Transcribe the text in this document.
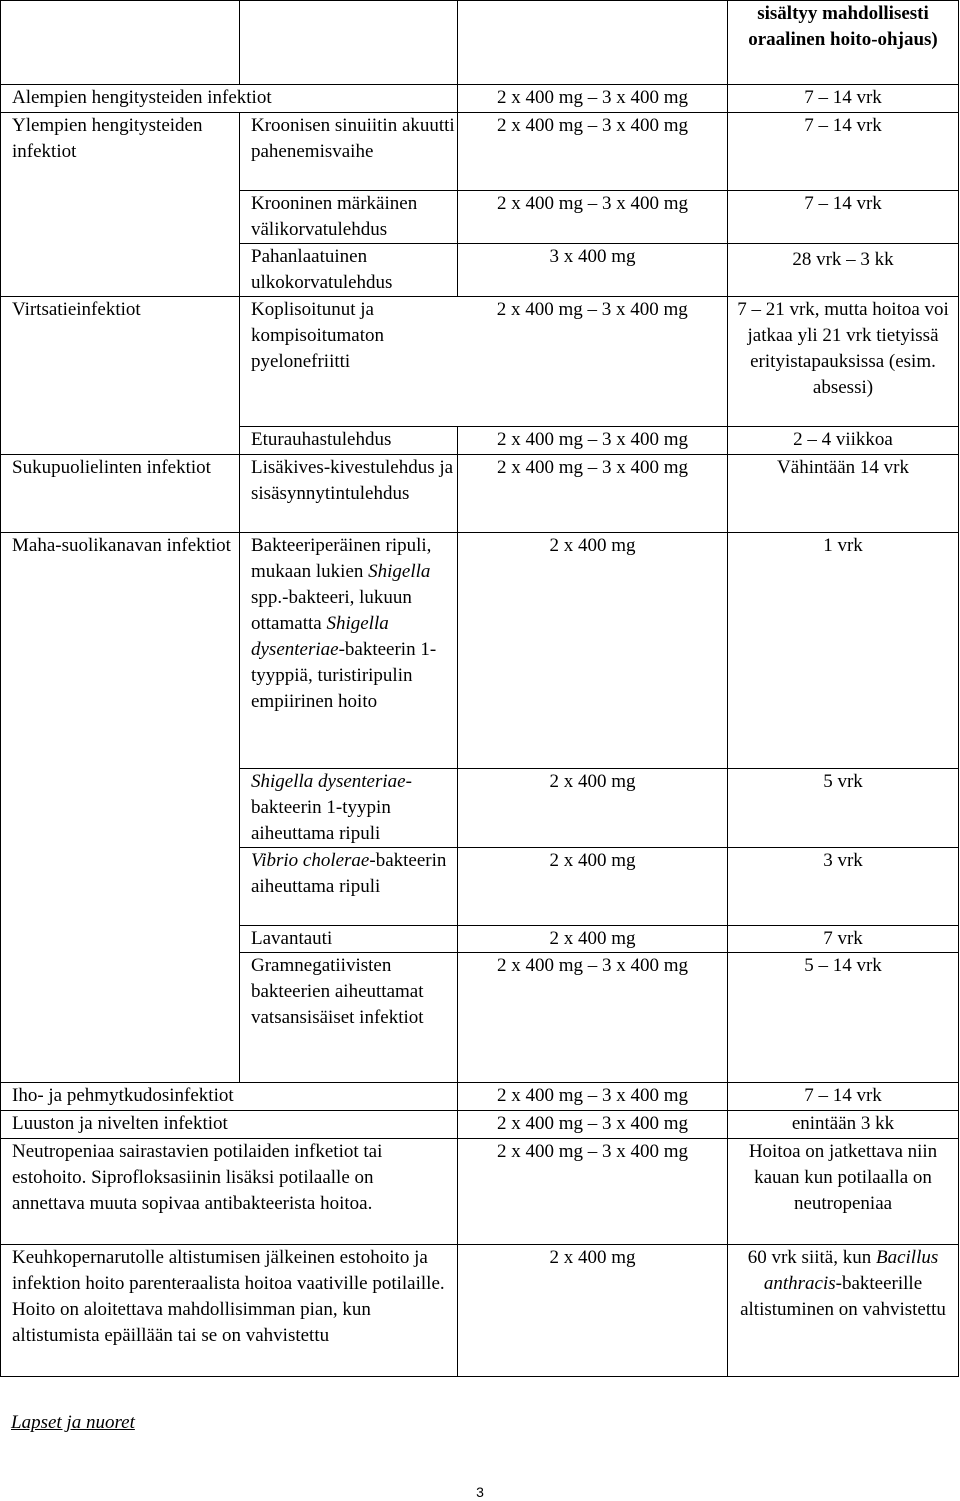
			sisältyy mahdollisesti oraalinen hoito-ohjaus)
Alempien hengitysteiden infektiot		2 x 400 mg – 3 x 400 mg	7 – 14 vrk
Ylempien hengitysteiden infektiot	Kroonisen sinuiitin akuutti pahenemisvaihe	2 x 400 mg – 3 x 400 mg	7 – 14 vrk
	Krooninen märkäinen välikorvatulehdus	2 x 400 mg – 3 x 400 mg	7 – 14 vrk
	Pahanlaatuinen ulkokorvatulehdus	3 x 400 mg	28 vrk – 3 kk
Virtsatieinfektiot	Koplisoitunut ja kompisoitumaton pyelonefriitti	2 x 400 mg – 3 x 400 mg	7 – 21 vrk, mutta hoitoa voi jatkaa yli 21 vrk tietyissä erityistapauksissa (esim. absessi)
	Eturauhastulehdus	2 x 400 mg – 3 x 400 mg	2 – 4 viikkoa
Sukupuolielinten infektiot	Lisäkives-kivestulehdus ja sisäsynnytintulehdus	2 x 400 mg – 3 x 400 mg	Vähintään 14 vrk
Maha-suolikanavan infektiot	Bakteeriperäinen ripuli, mukaan lukien Shigella spp.-bakteeri, lukuun ottamatta Shigella dysenteriae-bakteerin 1-tyyppiä, turistiripulin empiirinen hoito	2 x 400 mg	1 vrk
	Shigella dysenteriae-bakteerin 1-tyypin aiheuttama ripuli	2 x 400 mg	5 vrk
	Vibrio cholerae-bakteerin aiheuttama ripuli	2 x 400 mg	3 vrk
	Lavantauti	2 x 400 mg	7 vrk
	Gramnegatiivisten bakteerien aiheuttamat vatsansisäiset infektiot	2 x 400 mg – 3 x 400 mg	5 – 14 vrk
Iho- ja pehmytkudosinfektiot		2 x 400 mg – 3 x 400 mg	7 – 14 vrk
Luuston ja nivelten infektiot		2 x 400 mg – 3 x 400 mg	enintään 3 kk
Neutropeniaa sairastavien potilaiden infketiot tai estohoito. Siprofloksasiinin lisäksi potilaalle on annettava muuta sopivaa antibakteerista hoitoa.		2 x 400 mg – 3 x 400 mg	Hoitoa on jatkettava niin kauan kun potilaalla on neutropeniaa
Keuhkopernarutolle altistumisen jälkeinen estohoito ja infektion hoito parenteraalista hoitoa vaativille potilaille. Hoito on aloitettava mahdollisimman pian, kun altistumista epäillään tai se on vahvistettu		2 x 400 mg	60 vrk siitä, kun Bacillus anthracis-bakteerille altistuminen on vahvistettu
Lapset ja nuoret
3
